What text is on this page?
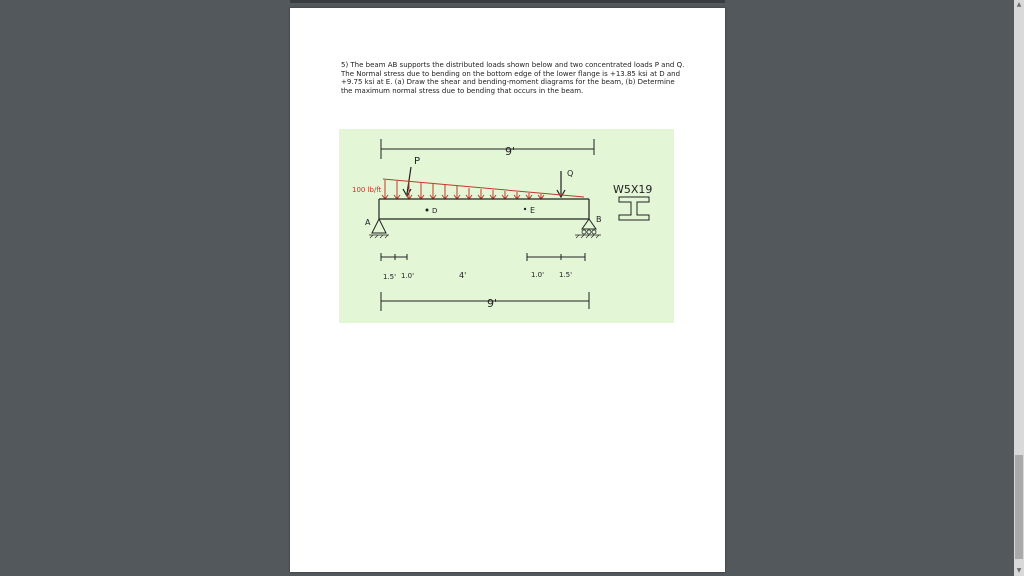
5) The beam AB supports the distributed loads shown below and two concentrated loads P and Q. The Normal stress due to bending on the bottom edge of the lower flange is +13.85 ksi at D and +9.75 ksi at E. (a) Draw the shear and bending-moment diagrams for the beam, (b) Determine the maximum normal stress due to bending that occurs in the beam.

9'
P
Q
100 lb/ft
D	E
A	B
W5X19
1.5' 1.0'	4'	1.0' 1.5'
9'
▲
▼
